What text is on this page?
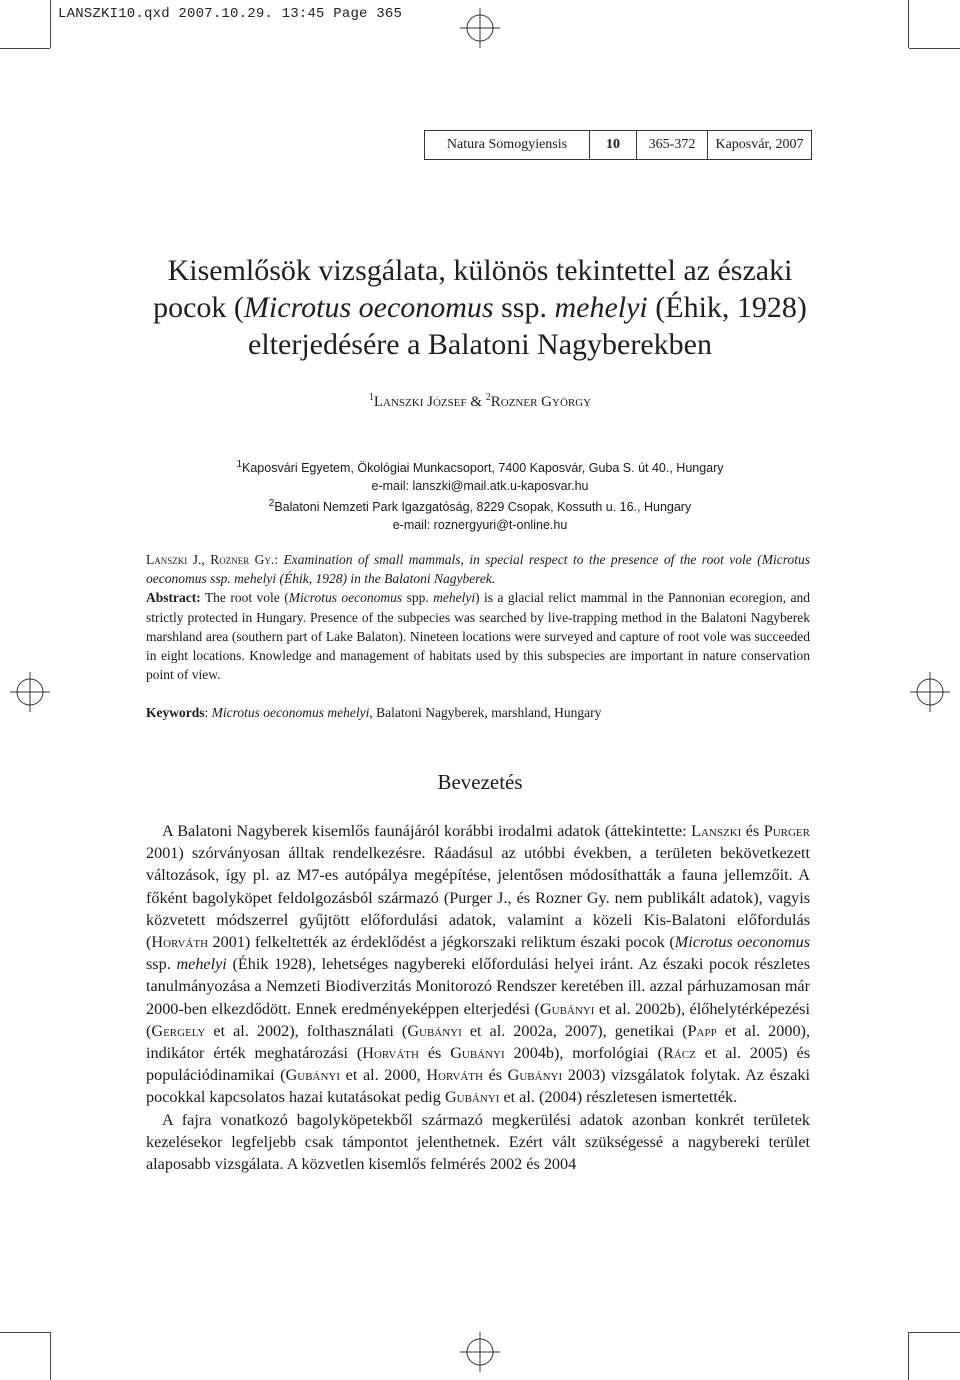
LANSZKI10.qxd 2007.10.29. 13:45 Page 365
Natura Somogyiensis	10	365-372	Kaposvár, 2007
Kisemlősök vizsgálata, különös tekintettel az északi
pocok (Microtus oeconomus ssp. mehelyi (Éhik, 1928)
elterjedésére a Balatoni Nagyberekben
$^1$Lanszki József & $^2$Rozner György
$^1$Kaposvári Egyetem, Ökológiai Munkacsoport, 7400 Kaposvár, Guba S. út 40., Hungary
e-mail: lanszki@mail.atk.u-kaposvar.hu
$^2$Balatoni Nemzeti Park Igazgatóság, 8229 Csopak, Kossuth u. 16., Hungary
e-mail: roznergyuri@t-online.hu

Lanszki J., Rozner Gy.: Examination of small mammals, in special respect to the presence of the root vole (Microtus oeconomus ssp. mehelyi (Éhik, 1928) in the Balatoni Nagyberek.

Abstract: The root vole (Microtus oeconomus spp. mehelyi) is a glacial relict mammal in the Pannonian ecoregion, and strictly protected in Hungary. Presence of the subpecies was searched by live-trapping method in the Balatoni Nagyberek marshland area (southern part of Lake Balaton). Nineteen locations were surveyed and capture of root vole was succeeded in eight locations. Knowledge and management of habitats used by this subspecies are important in nature conservation point of view.

Keywords: Microtus oeconomus mehelyi, Balatoni Nagyberek, marshland, Hungary
Bevezetés

A Balatoni Nagyberek kisemlős faunájáról korábbi irodalmi adatok (áttekintette: Lanszki és Purger 2001) szórványosan álltak rendelkezésre. Ráadásul az utóbbi években, a területen bekövetkezett változások, így pl. az M7-es autópálya megépítése, jelentősen módosíthatták a fauna jellemzőit. A főként bagolyköpet feldolgozásból származó (Purger J., és Rozner Gy. nem publikált adatok), vagyis közvetett módszerrel gyűjtött előfordulási adatok, valamint a közeli Kis-Balatoni előfordulás (Horváth 2001) felkeltették az érdeklődést a jégkorszaki reliktum északi pocok (Microtus oeconomus ssp. mehelyi (Éhik 1928), lehetséges nagybereki előfordulási helyei iránt. Az északi pocok részletes tanulmányozása a Nemzeti Biodiverzitás Monitorozó Rendszer keretében ill. azzal párhuzamosan már 2000-ben elkezdődött. Ennek eredményeképpen elterjedési (Gubányi et al. 2002b), élőhelytérképezési (Gergely et al. 2002), folthasználati (Gubányi et al. 2002a, 2007), genetikai (Papp et al. 2000), indikátor érték meghatározási (Horváth és Gubányi 2004b), morfológiai (Rácz et al. 2005) és populációdinamikai (Gubányi et al. 2000, Horváth és Gubányi 2003) vizsgálatok folytak. Az északi pocokkal kapcsolatos hazai kutatásokat pedig Gubányi et al. (2004) részletesen ismertették.

A fajra vonatkozó bagolyköpetekből származó megkerülési adatok azonban konkrét területek kezelésekor legfeljebb csak támpontot jelenthetnek. Ezért vált szükségessé a nagybereki terület alaposabb vizsgálata. A közvetlen kisemlős felmérés 2002 és 2004
